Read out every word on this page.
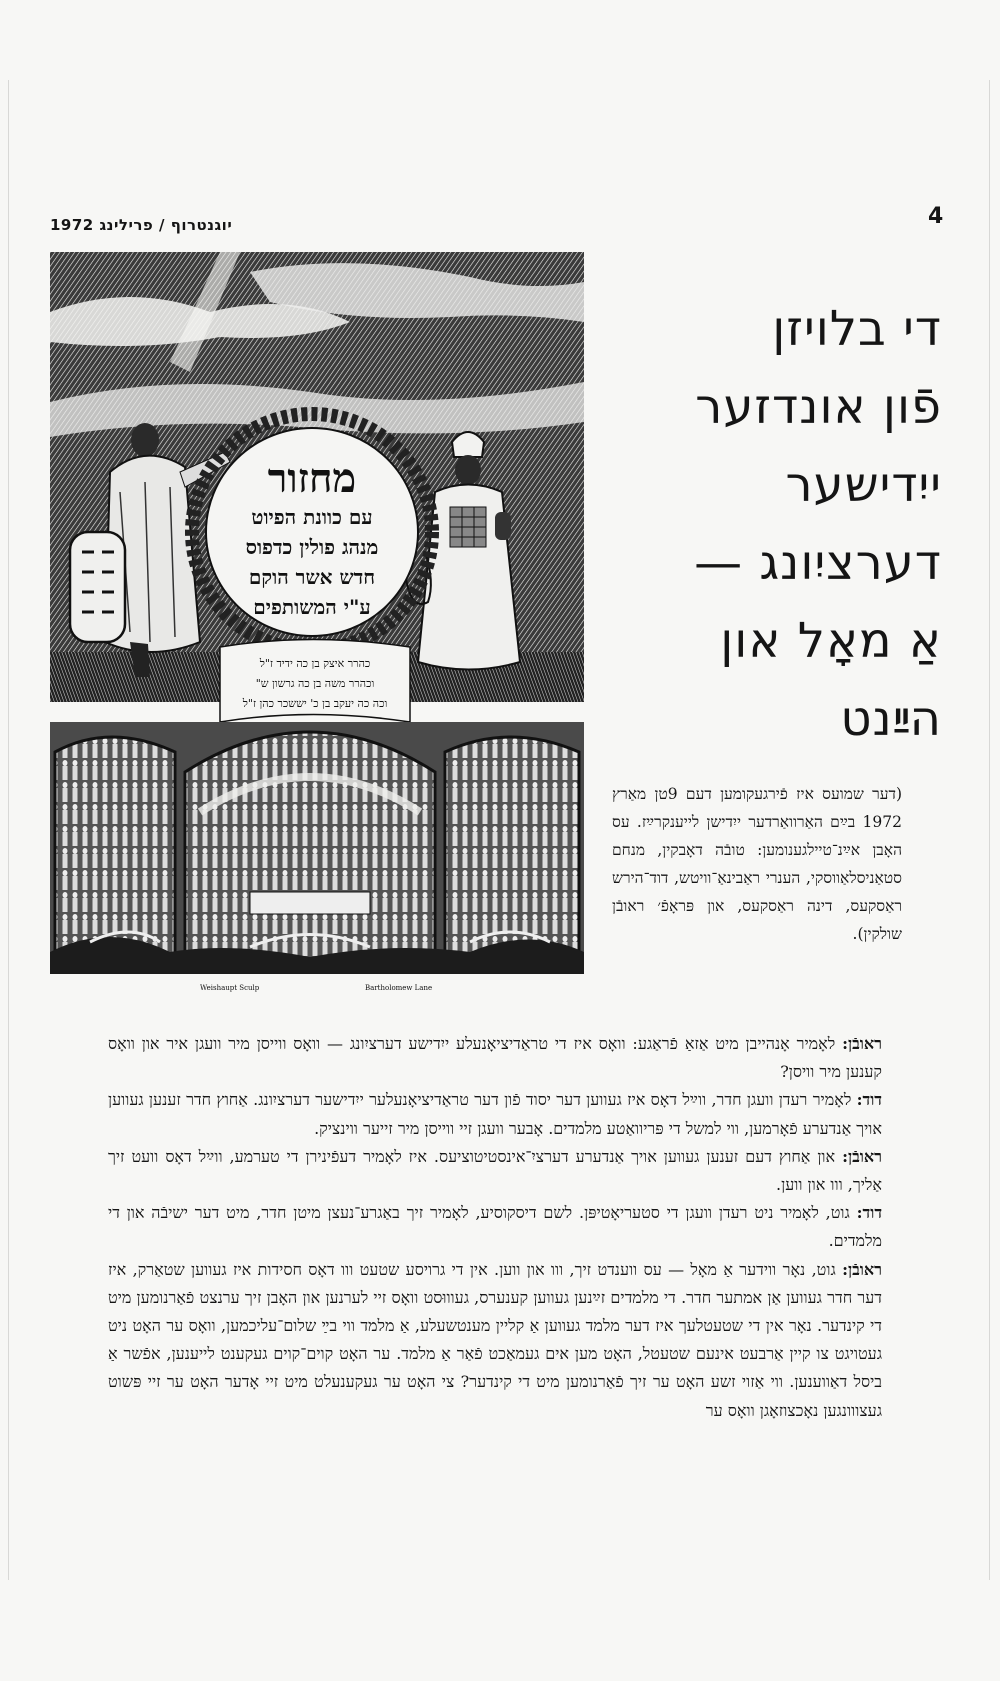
יוגנטרוף / פרילינג 1972	4
מחזור
עם כוונת הפיוט
מנהג פולין כדפוס
חדש אשר הוקם
ע"י המשותפים
כהרר איצק בן כה ידיד ז"ל
וכהרר משה בן כה גרשון ש"
וכה כה יעקב בן כ' יששכר כהן ז"ל
Weishaupt Sculp	Bartholomew Lane
די בלויזן
פֿון אונדזער
ייִדישער
דערציִונג —
אַ מאָל און
הײַנט
(דער שמועס איז פֿירגעקומען דעם 9טן מאַרץ 1972 בײַם האַרוואַרדער ייִדישן לייענקרײַז. עס האָבן אײַנ־טיילגענומען: טובֿה דאָבקין, מנחם סטאַניסלאַווסקי, הענרי ראַבינאַ־וויטש, דוד־הירש ראַסקעס, דינה ראַסקעס, און פּראָפֿ׳ ראובֿן שולקין).
ראובֿן: לאָמיר אָנהייבן מיט אַזאַ פֿראַגע: וואָס איז די טראַדיציאָנעלע ייִדישע דערציִונג — וואָס ווייסן מיר וועגן איר און וואָס קענען מיר וויסן?
דוד: לאָמיר רעדן וועגן חדר, ווײַל דאָס איז געווען דער יסוד פֿון דער טראַדיציאָנעלער ייִדישער דערציִונג. אַחוץ חדר זענען געווען אויך אַנדערע פֿאָרמען, ווי למשל די פּריוואַטע מלמדים. אָבער וועגן זיי ווייסן מיר זייער ווינציק.
ראובֿן: און אַחוץ דעם זענען געווען אויך אַנדערע דערציִ־אינסטיטוציעס. איז לאָמיר דעפֿינירן די טערמע, ווײַל דאָס וועט זיך אַליך, ווו און ווען.
דוד: גוט, לאָמיר ניט רעדן וועגן די סטעריאָטיפּן. לשם דיסקוסיע, לאָמיר זיך באַגרע־נעצן מיטן חדר, מיט דער ישיבֿה און די מלמדים.
ראובֿן: גוט, נאָר ווידער אַ מאָל — עס ווענדט זיך, ווו און ווען. אין די גרויסע שטעט ווו דאָס חסידות איז געווען שטאַרק, איז דער חדר געווען אַן אמתער חדר. די מלמדים זײַנען געווען קענערס, געוווּסט וואָס זיי לערנען און האָבן זיך ערנצט פֿאַרנומען מיט די קינדער. נאָר אין די שטעטלעך איז דער מלמד געווען אַ קליין מענטשעלע, אַ מלמד ווי בײַ שלום־עליכמען, וואָס ער האָט ניט געטויגט צו קיין אַרבעט אינעם שטעטל, האָט מען אים געמאַכט פֿאַר אַ מלמד. ער האָט קוים־קוים געקענט לייענען, אפֿשר אַ ביסל דאַווענען. ווי אַזוי זשע האָט ער זיך פֿאַרנומען מיט די קינדער? צי האָט ער געקענעלט מיט זיי אָדער האָט ער זיי פּשוט געצווונגען נאָכצוזאָגן וואָס ער
